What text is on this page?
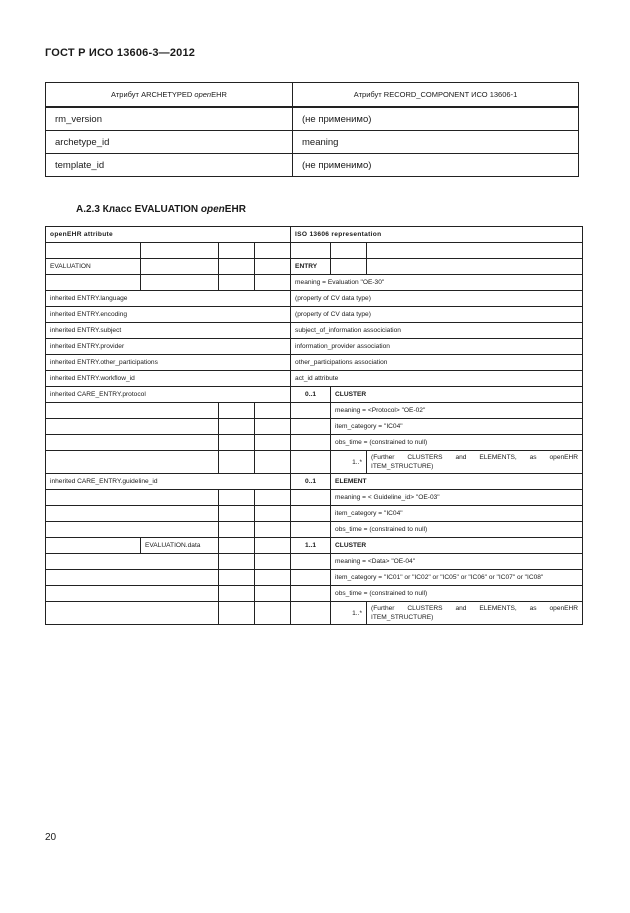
ГОСТ Р ИСО 13606-3—2012
Атрибут ARCHETYPED openEHR	Атрибут RECORD_COMPONENT ИСО 13606-1
rm_version	(не применимо)
archetype_id	meaning
template_id	(не применимо)
A.2.3 Класс EVALUATION openEHR
openEHR attribute				ISO 13606 representation		

EVALUATION				ENTRY		
				meaning = Evaluation "OE-30"		
inherited ENTRY.language				(property of CV data type)		
inherited ENTRY.encoding				(property of CV data type)		
inherited ENTRY.subject				subject_of_information associciation		
inherited ENTRY.provider				information_provider association		
inherited ENTRY.other_participations				other_participations association		
inherited ENTRY.workflow_id				act_id attribute		
inherited CARE_ENTRY.protocol				0..1	CLUSTER	
					meaning = <Protocol> "OE-02"	
					item_category = "IC04"	
					obs_time = (constrained to null)	
					1..*	(Further CLUSTERS and ELEMENTS, as openEHR ITEM_STRUCTURE)
inherited CARE_ENTRY.guideline_id				0..1	ELEMENT	
					meaning = < Guideline_id> "OE-03"	
					item_category = "IC04"	
					obs_time = (constrained to null)	
	EVALUATION.data			1..1	CLUSTER	
					meaning = <Data> "OE-04"	
					item_category = "IC01" or "IC02" or "IC05" or "IC06" or "IC07" or "IC08"	
					obs_time = (constrained to null)	
					1..*	(Further CLUSTERS and ELEMENTS, as openEHR ITEM_STRUCTURE)
20
